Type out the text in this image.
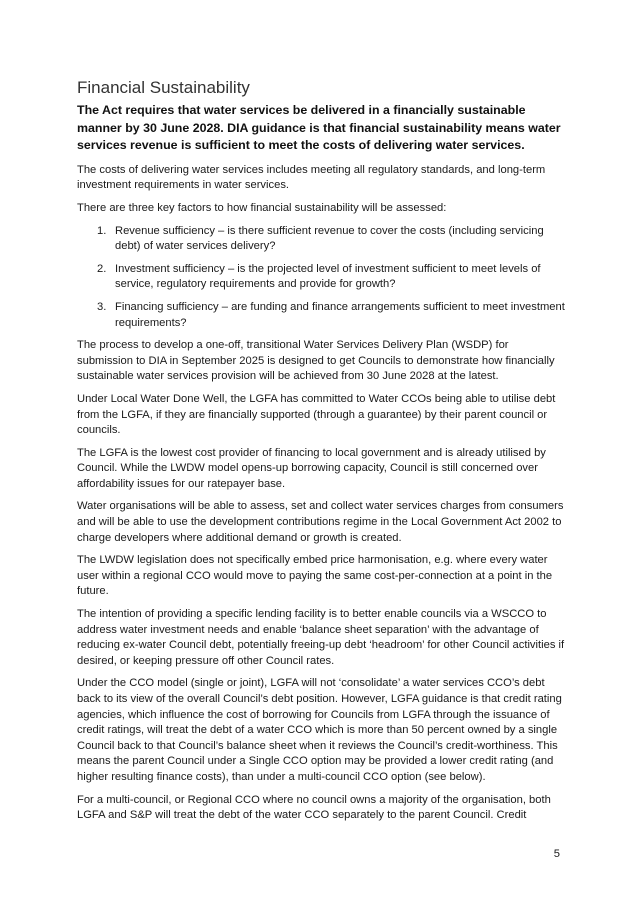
Financial Sustainability

The Act requires that water services be delivered in a financially sustainable manner by 30 June 2028. DIA guidance is that financial sustainability means water services revenue is sufficient to meet the costs of delivering water services.

The costs of delivering water services includes meeting all regulatory standards, and long-term investment requirements in water services.

There are three key factors to how financial sustainability will be assessed:

1. Revenue sufficiency – is there sufficient revenue to cover the costs (including servicing debt) of water services delivery?
2. Investment sufficiency – is the projected level of investment sufficient to meet levels of service, regulatory requirements and provide for growth?
3. Financing sufficiency – are funding and finance arrangements sufficient to meet investment requirements?

The process to develop a one-off, transitional Water Services Delivery Plan (WSDP) for submission to DIA in September 2025 is designed to get Councils to demonstrate how financially sustainable water services provision will be achieved from 30 June 2028 at the latest.

Under Local Water Done Well, the LGFA has committed to Water CCOs being able to utilise debt from the LGFA, if they are financially supported (through a guarantee) by their parent council or councils.

The LGFA is the lowest cost provider of financing to local government and is already utilised by Council. While the LWDW model opens-up borrowing capacity, Council is still concerned over affordability issues for our ratepayer base.

Water organisations will be able to assess, set and collect water services charges from consumers and will be able to use the development contributions regime in the Local Government Act 2002 to charge developers where additional demand or growth is created.

The LWDW legislation does not specifically embed price harmonisation, e.g. where every water user within a regional CCO would move to paying the same cost-per-connection at a point in the future.

The intention of providing a specific lending facility is to better enable councils via a WSCCO to address water investment needs and enable ‘balance sheet separation’ with the advantage of reducing ex-water Council debt, potentially freeing-up debt ‘headroom’ for other Council activities if desired, or keeping pressure off other Council rates.

Under the CCO model (single or joint), LGFA will not ‘consolidate’ a water services CCO’s debt back to its view of the overall Council’s debt position. However, LGFA guidance is that credit rating agencies, which influence the cost of borrowing for Councils from LGFA through the issuance of credit ratings, will treat the debt of a water CCO which is more than 50 percent owned by a single Council back to that Council’s balance sheet when it reviews the Council’s credit-worthiness. This means the parent Council under a Single CCO option may be provided a lower credit rating (and higher resulting finance costs), than under a multi-council CCO option (see below).

For a multi-council, or Regional CCO where no council owns a majority of the organisation, both LGFA and S&P will treat the debt of the water CCO separately to the parent Council. Credit

5
